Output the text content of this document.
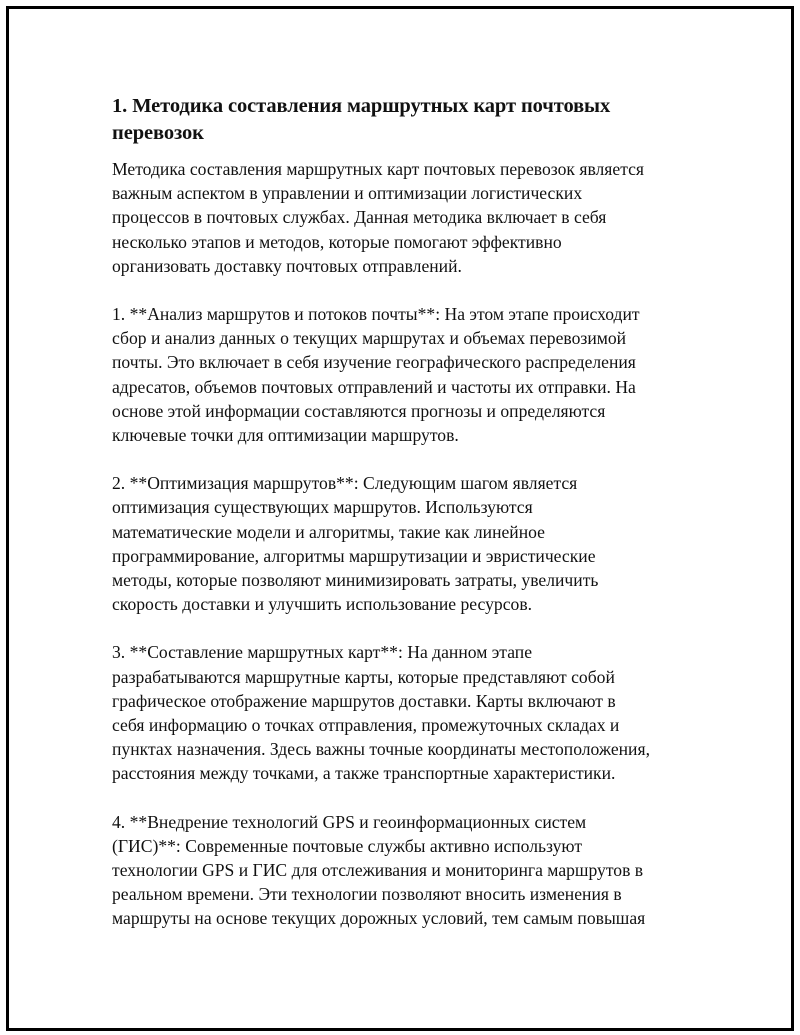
1. Методика составления маршрутных карт почтовых
перевозок

Методика составления маршрутных карт почтовых перевозок является
важным аспектом в управлении и оптимизации логистических
процессов в почтовых службах. Данная методика включает в себя
несколько этапов и методов, которые помогают эффективно
организовать доставку почтовых отправлений.

1. **Анализ маршрутов и потоков почты**: На этом этапе происходит
сбор и анализ данных о текущих маршрутах и объемах перевозимой
почты. Это включает в себя изучение географического распределения
адресатов, объемов почтовых отправлений и частоты их отправки. На
основе этой информации составляются прогнозы и определяются
ключевые точки для оптимизации маршрутов.

2. **Оптимизация маршрутов**: Следующим шагом является
оптимизация существующих маршрутов. Используются
математические модели и алгоритмы, такие как линейное
программирование, алгоритмы маршрутизации и эвристические
методы, которые позволяют минимизировать затраты, увеличить
скорость доставки и улучшить использование ресурсов.

3. **Составление маршрутных карт**: На данном этапе
разрабатываются маршрутные карты, которые представляют собой
графическое отображение маршрутов доставки. Карты включают в
себя информацию о точках отправления, промежуточных складах и
пунктах назначения. Здесь важны точные координаты местоположения,
расстояния между точками, а также транспортные характеристики.

4. **Внедрение технологий GPS и геоинформационных систем
(ГИС)**: Современные почтовые службы активно используют
технологии GPS и ГИС для отслеживания и мониторинга маршрутов в
реальном времени. Эти технологии позволяют вносить изменения в
маршруты на основе текущих дорожных условий, тем самым повышая
